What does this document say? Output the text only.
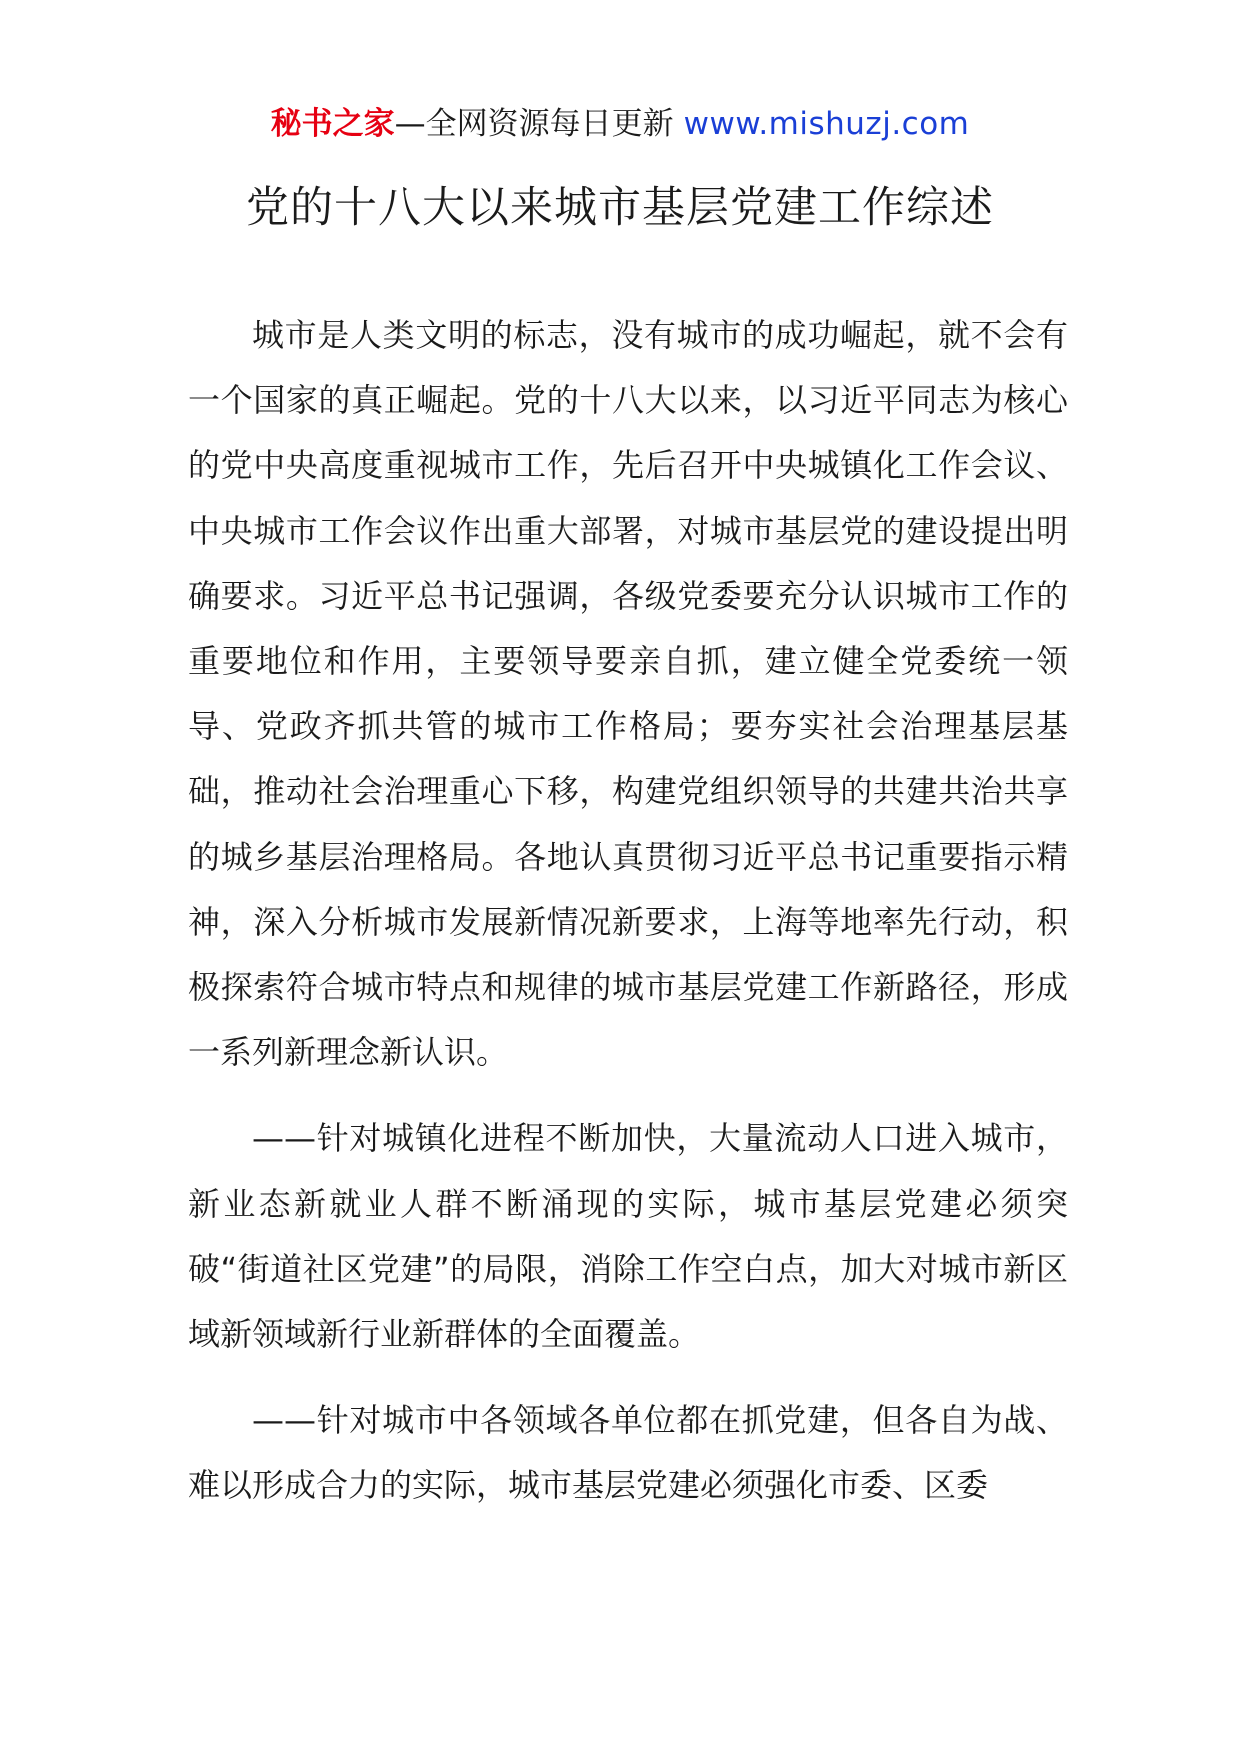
秘书之家—全网资源每日更新 www.mishuzj.com
党的十八大以来城市基层党建工作综述

城市是人类文明的标志，没有城市的成功崛起，就不会有一个国家的真正崛起。党的十八大以来，以习近平同志为核心的党中央高度重视城市工作，先后召开中央城镇化工作会议、中央城市工作会议作出重大部署，对城市基层党的建设提出明确要求。习近平总书记强调，各级党委要充分认识城市工作的重要地位和作用，主要领导要亲自抓，建立健全党委统一领导、党政齐抓共管的城市工作格局；要夯实社会治理基层基础，推动社会治理重心下移，构建党组织领导的共建共治共享的城乡基层治理格局。各地认真贯彻习近平总书记重要指示精神，深入分析城市发展新情况新要求，上海等地率先行动，积极探索符合城市特点和规律的城市基层党建工作新路径，形成一系列新理念新认识。

——针对城镇化进程不断加快，大量流动人口进入城市，新业态新就业人群不断涌现的实际，城市基层党建必须突破“街道社区党建”的局限，消除工作空白点，加大对城市新区域新领域新行业新群体的全面覆盖。

——针对城市中各领域各单位都在抓党建，但各自为战、难以形成合力的实际，城市基层党建必须强化市委、区委
